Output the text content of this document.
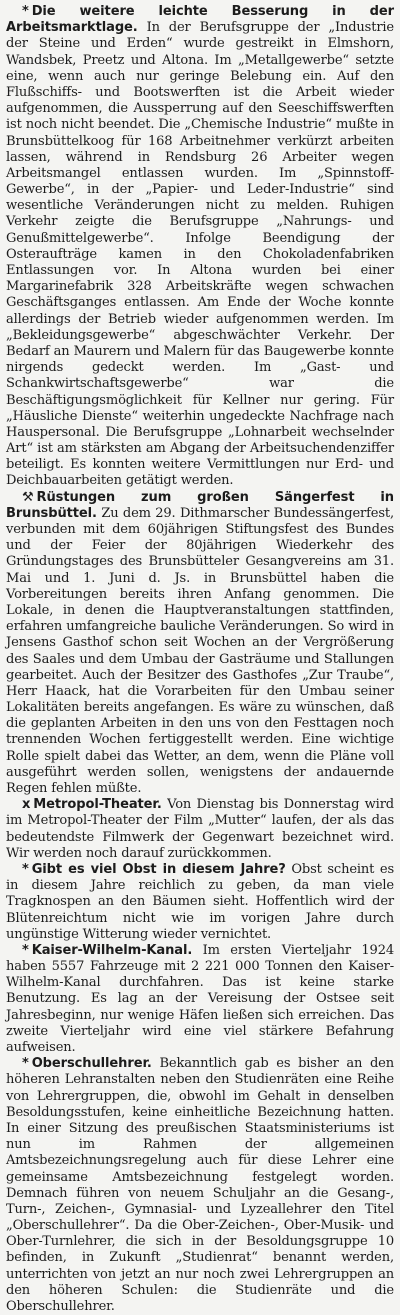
* Die weitere leichte Besserung in der Arbeitsmarktlage. In der Berufsgruppe der „Industrie der Steine und Erden“ wurde gestreikt in Elmshorn, Wandsbek, Preetz und Altona. Im „Metallgewerbe“ setzte eine, wenn auch nur geringe Belebung ein. Auf den Flußschiffs- und Bootswerften ist die Arbeit wieder aufgenommen, die Aussperrung auf den Seeschiffswerften ist noch nicht beendet. Die „Chemische Industrie“ mußte in Brunsbüttelkoog für 168 Arbeitnehmer verkürzt arbeiten lassen, während in Rendsburg 26 Arbeiter wegen Arbeitsmangel entlassen wurden. Im „Spinnstoff-Gewerbe“, in der „Papier- und Leder-Industrie“ sind wesentliche Veränderungen nicht zu melden. Ruhigen Verkehr zeigte die Berufsgruppe „Nahrungs- und Genußmittelgewerbe“. Infolge Beendigung der Osteraufträge kamen in den Chokoladenfabriken Entlassungen vor. In Altona wurden bei einer Margarinefabrik 328 Arbeitskräfte wegen schwachen Geschäftsganges entlassen. Am Ende der Woche konnte allerdings der Betrieb wieder aufgenommen werden. Im „Bekleidungsgewerbe“ abgeschwächter Verkehr. Der Bedarf an Maurern und Malern für das Baugewerbe konnte nirgends gedeckt werden. Im „Gast- und Schankwirtschaftsgewerbe“ war die Beschäftigungsmöglichkeit für Kellner nur gering. Für „Häusliche Dienste“ weiterhin ungedeckte Nachfrage nach Hauspersonal. Die Berufsgruppe „Lohnarbeit wechselnder Art“ ist am stärksten am Abgang der Arbeitsuchendenziffer beteiligt. Es konnten weitere Vermittlungen nur Erd- und Deichbauarbeiten getätigt werden.

⚒ Rüstungen zum großen Sängerfest in Brunsbüttel. Zu dem 29. Dithmarscher Bundessängerfest, verbunden mit dem 60jährigen Stiftungsfest des Bundes und der Feier der 80jährigen Wiederkehr des Gründungstages des Brunsbütteler Gesangvereins am 31. Mai und 1. Juni d. Js. in Brunsbüttel haben die Vorbereitungen bereits ihren Anfang genommen. Die Lokale, in denen die Hauptveranstaltungen stattfinden, erfahren umfangreiche bauliche Veränderungen. So wird in Jensens Gasthof schon seit Wochen an der Vergrößerung des Saales und dem Umbau der Gasträume und Stallungen gearbeitet. Auch der Besitzer des Gasthofes „Zur Traube“, Herr Haack, hat die Vorarbeiten für den Umbau seiner Lokalitäten bereits angefangen. Es wäre zu wünschen, daß die geplanten Arbeiten in den uns von den Festtagen noch trennenden Wochen fertiggestellt werden. Eine wichtige Rolle spielt dabei das Wetter, an dem, wenn die Pläne voll ausgeführt werden sollen, wenigstens der andauernde Regen fehlen müßte.

x Metropol-Theater. Von Dienstag bis Donnerstag wird im Metropol-Theater der Film „Mutter“ laufen, der als das bedeutendste Filmwerk der Gegenwart bezeichnet wird. Wir werden noch darauf zurückkommen.

* Gibt es viel Obst in diesem Jahre? Obst scheint es in diesem Jahre reichlich zu geben, da man viele Tragknospen an den Bäumen sieht. Hoffentlich wird der Blütenreichtum nicht wie im vorigen Jahre durch ungünstige Witterung wieder vernichtet.

* Kaiser-Wilhelm-Kanal. Im ersten Vierteljahr 1924 haben 5557 Fahrzeuge mit 2 221 000 Tonnen den Kaiser-Wilhelm-Kanal durchfahren. Das ist keine starke Benutzung. Es lag an der Vereisung der Ostsee seit Jahresbeginn, nur wenige Häfen ließen sich erreichen. Das zweite Vierteljahr wird eine viel stärkere Befahrung aufweisen.

* Oberschullehrer. Bekanntlich gab es bisher an den höheren Lehranstalten neben den Studienräten eine Reihe von Lehrergruppen, die, obwohl im Gehalt in denselben Besoldungsstufen, keine einheitliche Bezeichnung hatten. In einer Sitzung des preußischen Staatsministeriums ist nun im Rahmen der allgemeinen Amtsbezeichnungsregelung auch für diese Lehrer eine gemeinsame Amtsbezeichnung festgelegt worden. Demnach führen von neuem Schuljahr an die Gesang-, Turn-, Zeichen-, Gymnasial- und Lyzeallehrer den Titel „Oberschullehrer“. Da die Ober-Zeichen-, Ober-Musik- und Ober-Turnlehrer, die sich in der Besoldungsgruppe 10 befinden, in Zukunft „Studienrat“ benannt werden, unterrichten von jetzt an nur noch zwei Lehrergruppen an den höheren Schulen: die Studienräte und die Oberschullehrer.
